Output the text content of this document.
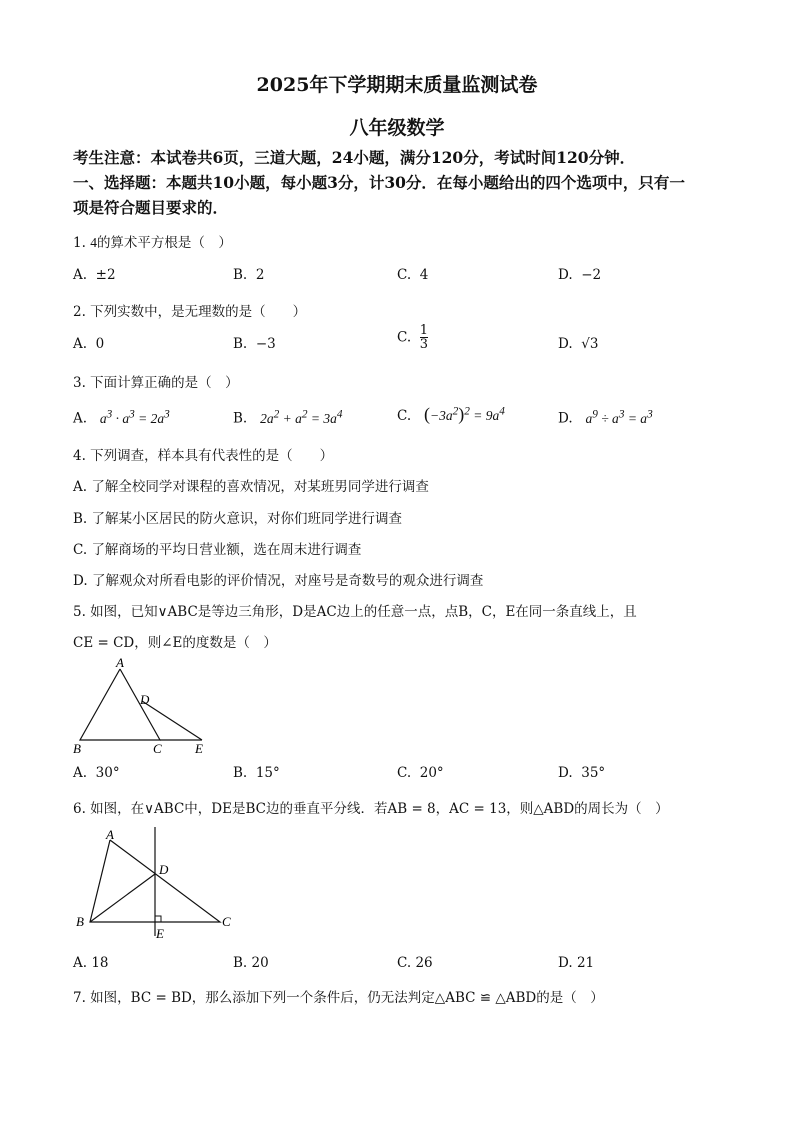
2025年下学期期末质量监测试卷
八年级数学
考生注意：本试卷共6页，三道大题，24小题，满分120分，考试时间120分钟．
一、选择题：本题共10小题，每小题3分，计30分．在每小题给出的四个选项中，只有一
项是符合题目要求的．
1. 4的算术平方根是（　）
A. ±2	B. 2	C. 4	D. −2
2. 下列实数中，是无理数的是（　　）
A. 0	B. −3	C. $\frac{1}{3}$	D. √3
3. 下面计算正确的是（　）
A. $a^3 \cdot a^3 = 2a^3$	B. $2a^2 + a^2 = 3a^4$	C. $(-3a^2)^2 = 9a^4$	D. $a^9 \div a^3 = a^3$
4. 下列调查，样本具有代表性的是（　　）
A. 了解全校同学对课程的喜欢情况，对某班男同学进行调查
B. 了解某小区居民的防火意识，对你们班同学进行调查
C. 了解商场的平均日营业额，选在周末进行调查
D. 了解观众对所看电影的评价情况，对座号是奇数号的观众进行调查
5. 如图，已知∨ABC是等边三角形，D是AC边上的任意一点，点B，C，E在同一条直线上，且
CE = CD，则∠E的度数是（　）
A
D
B	C	E
A. 30°	B. 15°	C. 20°	D. 35°
6. 如图，在∨ABC中，DE是BC边的垂直平分线．若AB = 8，AC = 13，则△ABD的周长为（　）
A
D
B	C
E
A. 18	B. 20	C. 26	D. 21
7. 如图，BC = BD，那么添加下列一个条件后，仍无法判定△ABC ≌ △ABD的是（　）
